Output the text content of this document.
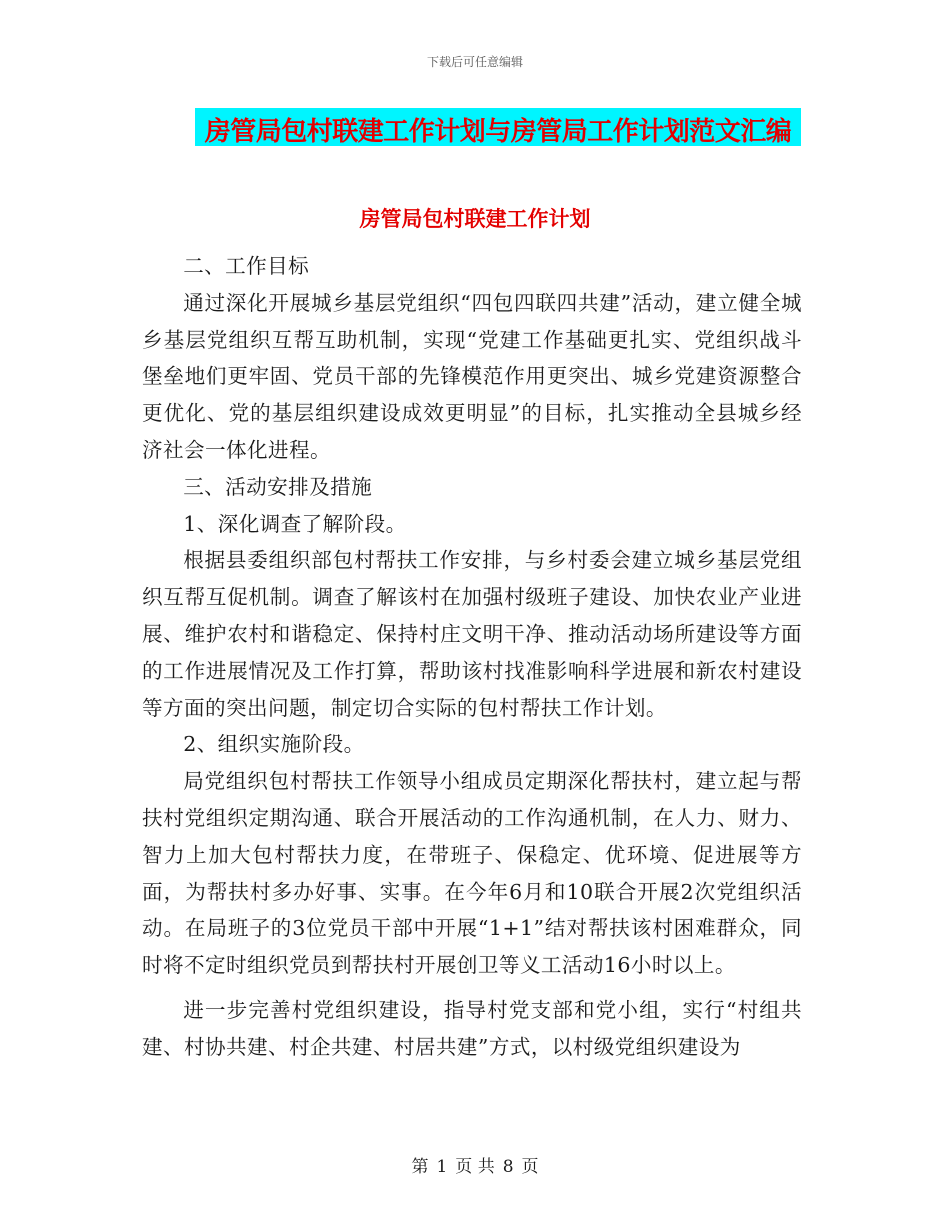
下载后可任意编辑
房管局包村联建工作计划与房管局工作计划范文汇编
房管局包村联建工作计划

二、工作目标

通过深化开展城乡基层党组织“四包四联四共建”活动，建立健全城乡基层党组织互帮互助机制，实现“党建工作基础更扎实、党组织战斗堡垒地们更牢固、党员干部的先锋模范作用更突出、城乡党建资源整合更优化、党的基层组织建设成效更明显”的目标，扎实推动全县城乡经济社会一体化进程。

三、活动安排及措施

1、深化调查了解阶段。

根据县委组织部包村帮扶工作安排，与乡村委会建立城乡基层党组织互帮互促机制。调查了解该村在加强村级班子建设、加快农业产业进展、维护农村和谐稳定、保持村庄文明干净、推动活动场所建设等方面的工作进展情况及工作打算，帮助该村找准影响科学进展和新农村建设等方面的突出问题，制定切合实际的包村帮扶工作计划。

2、组织实施阶段。

局党组织包村帮扶工作领导小组成员定期深化帮扶村，建立起与帮扶村党组织定期沟通、联合开展活动的工作沟通机制，在人力、财力、智力上加大包村帮扶力度，在带班子、保稳定、优环境、促进展等方面，为帮扶村多办好事、实事。在今年6月和10联合开展2次党组织活动。在局班子的3位党员干部中开展“1+1”结对帮扶该村困难群众，同时将不定时组织党员到帮扶村开展创卫等义工活动16小时以上。

进一步完善村党组织建设，指导村党支部和党小组，实行“村组共建、村协共建、村企共建、村居共建”方式，以村级党组织建设为

第 1 页 共 8 页
